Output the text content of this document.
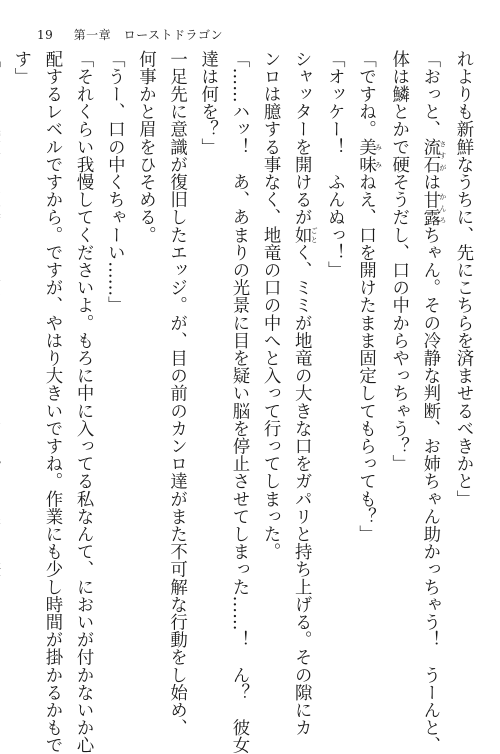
19 第一章　ローストドラゴン
れよりも新鮮なうちに、先にこちらを済ませるべきかと」
「おっと、流石 さすがは甘露 かんろちゃん。その冷静な判断、お姉ちゃん助かっちゃう！　うーんと、
体は鱗とかで硬そうだし、口の中からやっちゃう？」
「ですね。美味 みみねえ、口を開けたまま固定してもらっても？」
「オッケー！　ふんぬっ！」
シャッターを開けるが如 ごとく、ミミが地竜の大きな口をガパリと持ち上げる。その隙にカ
ンロは臆する事なく、地竜の口の中へと入って行ってしまった。
「……ハッ！　あ、あまりの光景に目を疑い脳を停止させてしまった……！　ん？　彼女
達は何を？」
一足先に意識が復旧したエッジ。が、目の前のカンロ達がまた不可解な行動をし始め、
何事かと眉をひそめる。
「うー、口の中くちゃーい……」
「それくらい我慢してくださいよ。もろに中に入ってる私なんて、においが付かないか心
配するレベルですから。ですが、やはり大きいですね。作業にも少し時間が掛かるかもで
す」
